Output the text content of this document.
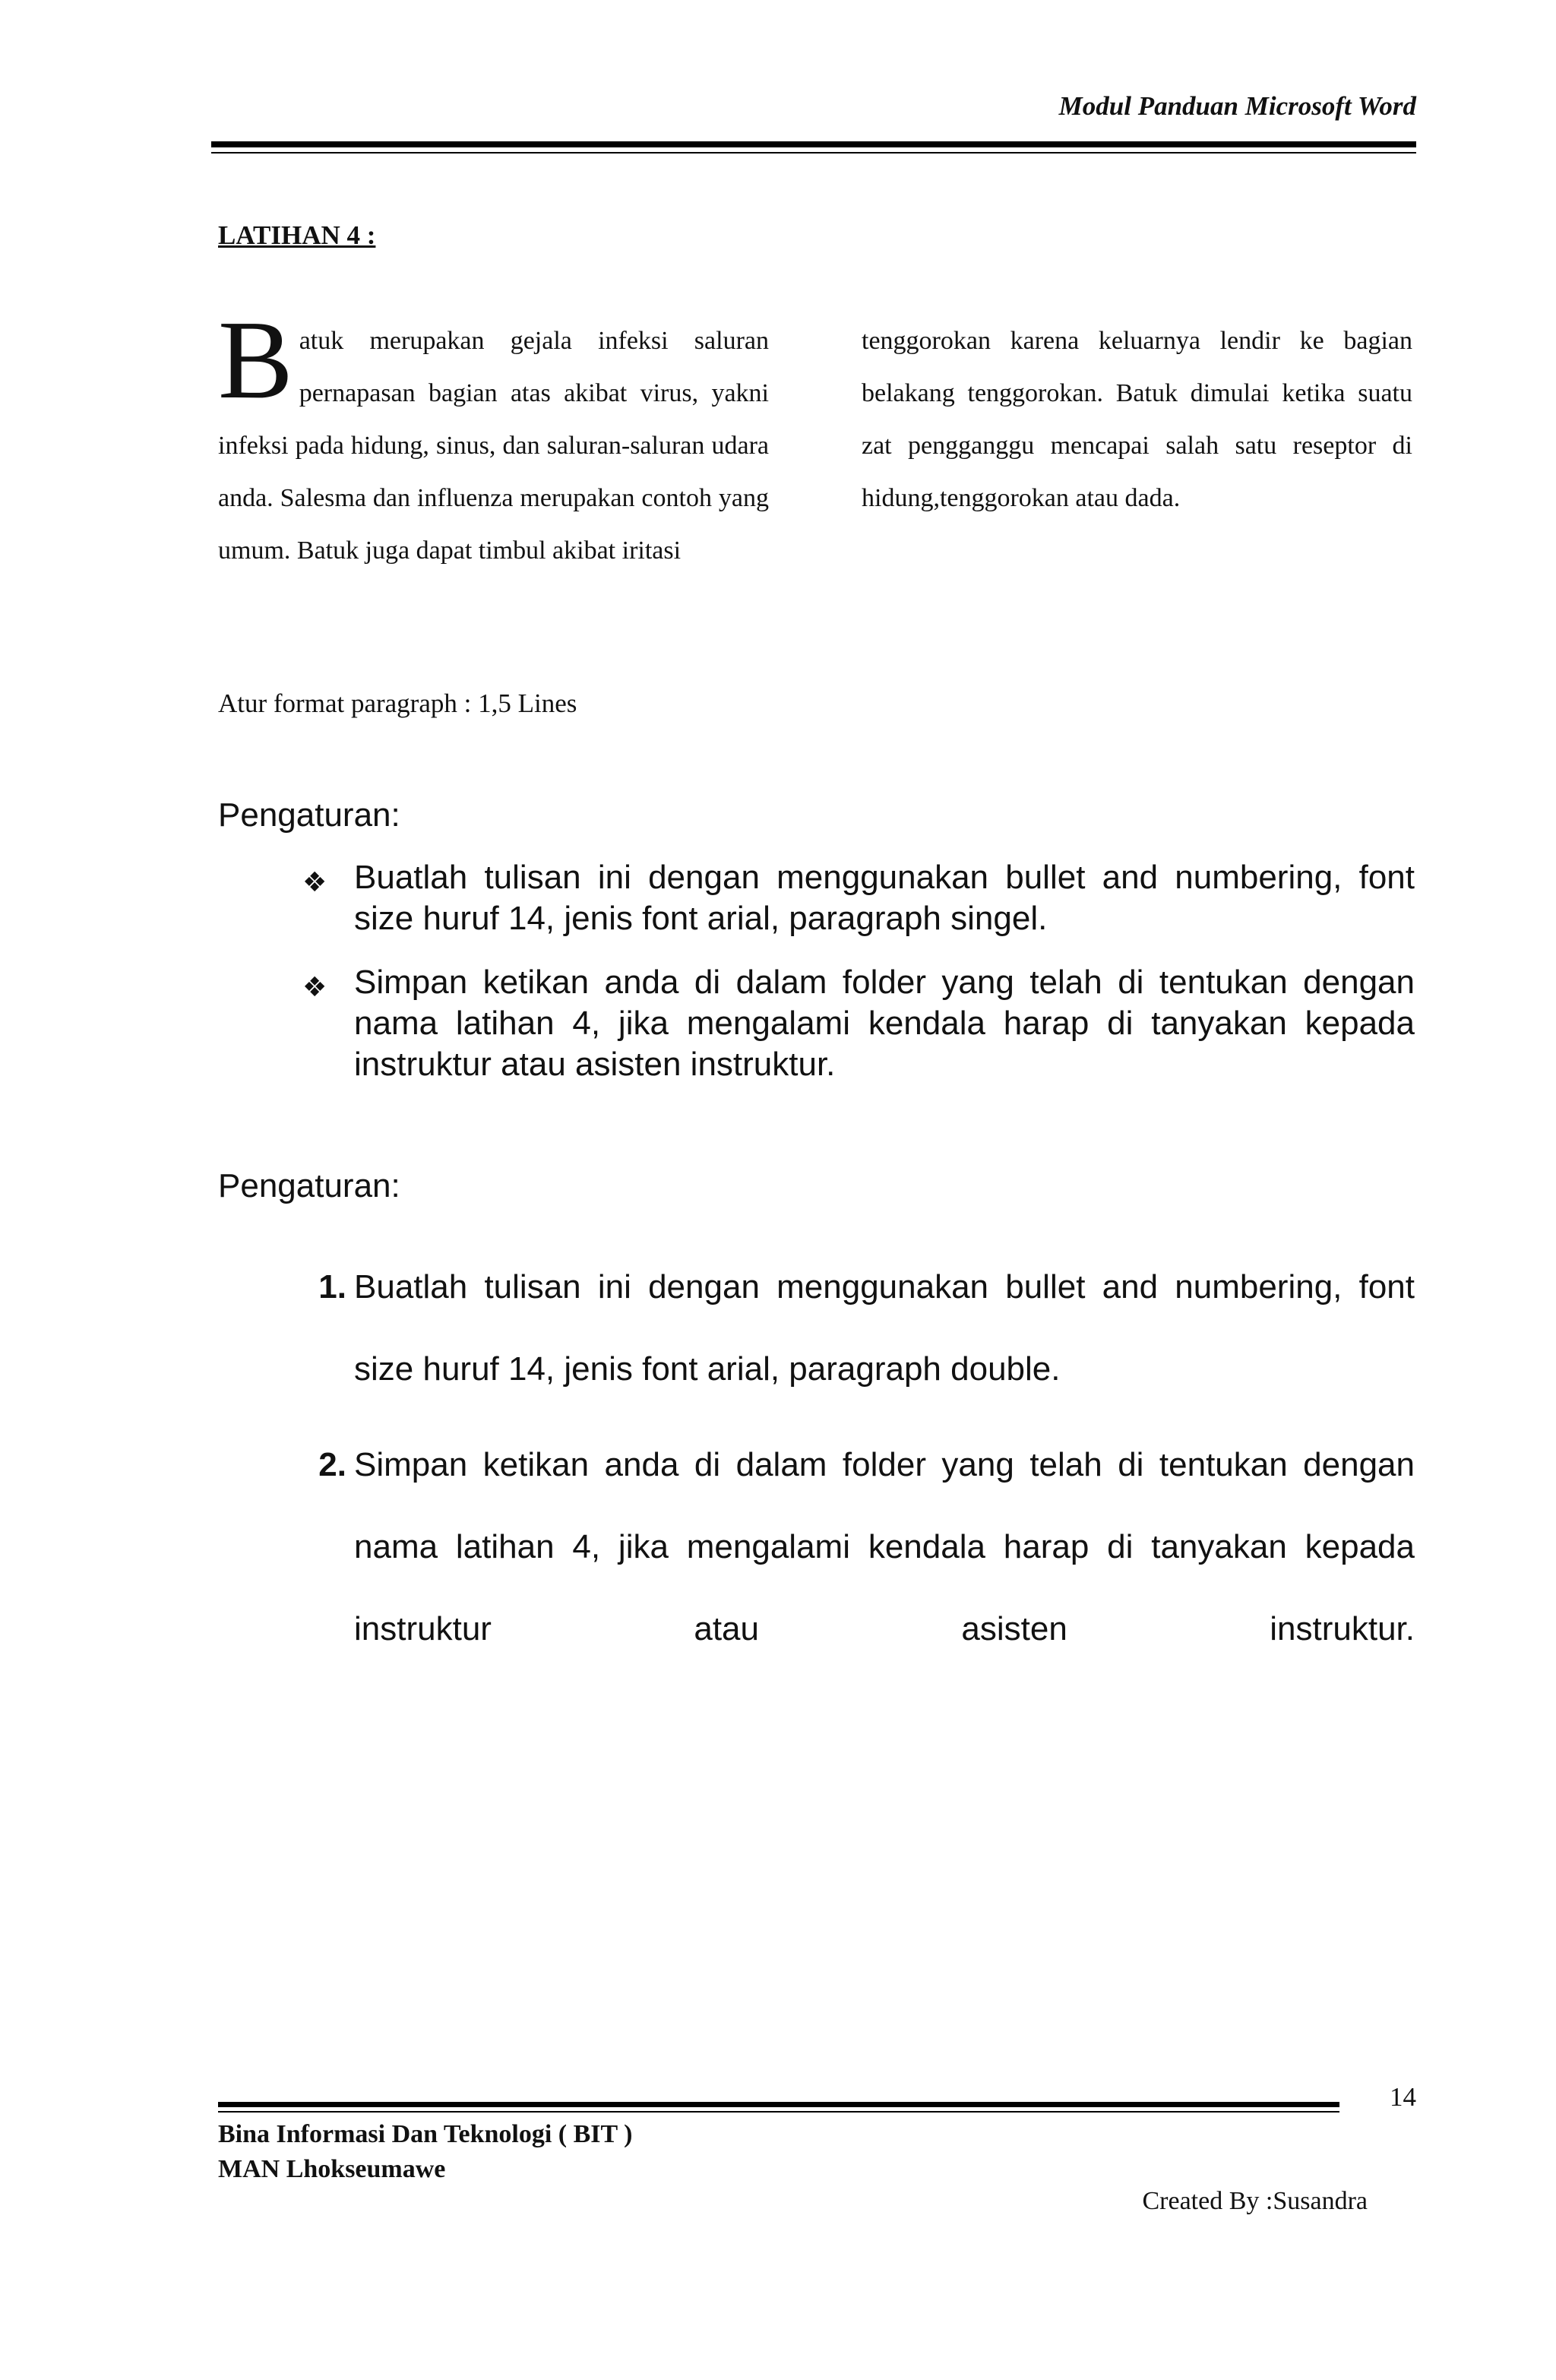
Modul Panduan Microsoft Word
LATIHAN 4 :
B atuk merupakan gejala infeksi saluran pernapasan bagian atas akibat virus, yakni infeksi pada hidung, sinus, dan saluran-saluran udara anda. Salesma dan influenza merupakan contoh yang umum. Batuk juga dapat timbul akibat iritasi
tenggorokan karena keluarnya lendir ke bagian belakang tenggorokan. Batuk dimulai ketika suatu zat pengganggu mencapai salah satu reseptor di hidung,tenggorokan atau dada.
Atur format paragraph : 1,5 Lines
Pengaturan:
❖ Buatlah tulisan ini dengan menggunakan bullet and numbering, font size huruf 14, jenis font arial, paragraph singel.
❖ Simpan ketikan anda di dalam folder yang telah di tentukan dengan nama latihan 4, jika mengalami kendala harap di tanyakan kepada instruktur atau asisten instruktur.
Pengaturan:
1. Buatlah tulisan ini dengan menggunakan bullet and numbering, font size huruf 14, jenis font arial, paragraph double.
2. Simpan ketikan anda di dalam folder yang telah di tentukan dengan nama latihan 4, jika mengalami kendala harap di tanyakan kepada instruktur atau asisten instruktur.
14
Bina Informasi Dan Teknologi ( BIT )
MAN Lhokseumawe
Created By :Susandra
